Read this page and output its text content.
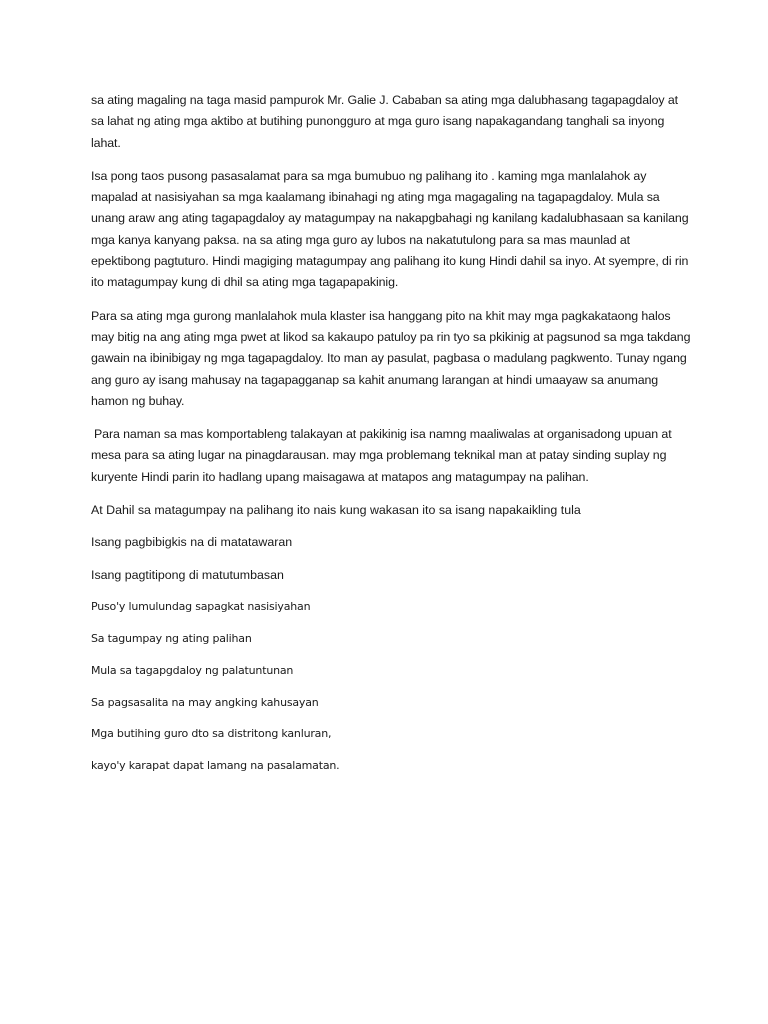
sa ating magaling na taga masid pampurok Mr. Galie J. Cababan sa ating mga dalubhasang tagapagdaloy at sa lahat ng ating mga aktibo at butihing punongguro at mga guro isang napakagandang tanghali sa inyong lahat.

Isa pong taos pusong pasasalamat para sa mga bumubuo ng palihang ito . kaming mga manlalahok ay mapalad at nasisiyahan sa mga kaalamang ibinahagi ng ating mga magagaling na tagapagdaloy. Mula sa unang araw ang ating tagapagdaloy ay matagumpay na nakapgbahagi ng kanilang kadalubhasaan sa kanilang mga kanya kanyang paksa. na sa ating mga guro ay lubos na nakatutulong para sa mas maunlad at epektibong pagtuturo. Hindi magiging matagumpay ang palihang ito kung Hindi dahil sa inyo. At syempre, di rin ito matagumpay kung di dhil sa ating mga tagapapakinig.

Para sa ating mga gurong manlalahok mula klaster isa hanggang pito na khit may mga pagkakataong halos may bitig na ang ating mga pwet at likod sa kakaupo patuloy pa rin tyo sa pkikinig at pagsunod sa mga takdang gawain na ibinibigay ng mga tagapagdaloy. Ito man ay pasulat, pagbasa o madulang pagkwento. Tunay ngang ang guro ay isang mahusay na tagapagganap sa kahit anumang larangan at hindi umaayaw sa anumang hamon ng buhay.

Para naman sa mas komportableng talakayan at pakikinig isa namng maaliwalas at organisadong upuan at mesa para sa ating lugar na pinagdarausan. may mga problemang teknikal man at patay sinding suplay ng kuryente Hindi parin ito hadlang upang maisagawa at matapos ang matagumpay na palihan.

At Dahil sa matagumpay na palihang ito nais kung wakasan ito sa isang napakaikling tula

Isang pagbibigkis na di matatawaran

Isang pagtitipong di matutumbasan

Puso'y lumulundag sapagkat nasisiyahan

Sa tagumpay ng ating palihan

Mula sa tagapgdaloy ng palatuntunan

Sa pagsasalita na may angking kahusayan

Mga butihing guro dto sa distritong kanluran,

kayo'y karapat dapat lamang na pasalamatan.
